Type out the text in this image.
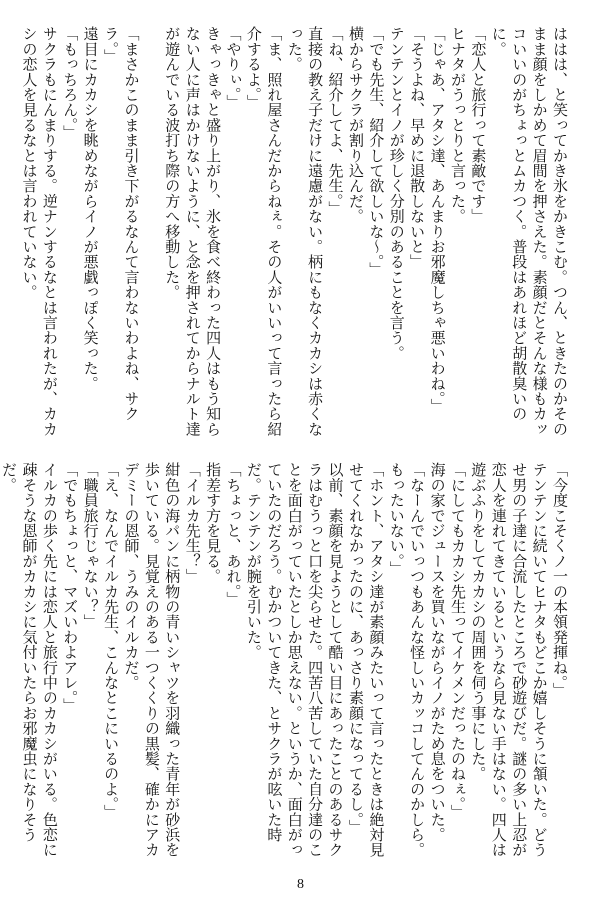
ははは、と笑ってかき氷をかきこむ。つん、ときたのかそのまま顔をしかめて眉間を押さえた。素顔だとそんな様もカッコいいのがちょっとムカつく。普段はあれほど胡散臭いのに。

「恋人と旅行って素敵です」

ヒナタがうっとりと言った。

「じゃあ、アタシ達、あんまりお邪魔しちゃ悪いわね。」

「そうよね、早めに退散しないと」

テンテンとイノが珍しく分別のあることを言う。

「でも先生、紹介して欲しいな〜。」

横からサクラが割り込んだ。

「ね、紹介してよ、先生。」

直接の教え子だけに遠慮がない。柄にもなくカカシは赤くなった。

「ま、照れ屋さんだからねぇ。その人がいいって言ったら紹介するよ。」

「やりぃ。」

きゃっきゃと盛り上がり、氷を食べ終わった四人はもう知らない人に声はかけないように、と念を押されてからナルト達が遊んでいる波打ち際の方へ移動した。

「まさかこのまま引き下がるなんて言わないわよね、サクラ。」

遠目にカカシを眺めながらイノが悪戯っぽく笑った。

「もっちろん。」

サクラもにんまりする。逆ナンするなとは言われたが、カカシの恋人を見るなとは言われていない。

「今度こそくノ一の本領発揮ね。」

テンテンに続いてヒナタもどこか嬉しそうに頷いた。どうせ男の子達に合流したところで砂遊びだ。謎の多い上忍が恋人を連れてきているというなら見ない手はない。四人は遊ぶふりをしてカカシの周囲を伺う事にした。

「にしてもカカシ先生ってイケメンだったのねぇ。」

海の家でジュースを買いながらイノがため息をついた。

「なーんでいっつもあんな怪しいカッコしてんのかしら。もったいない。」

「ホント、アタシ達が素顔みたいって言ったときは絶対見せてくれなかったのに、あっさり素顔になってるし。」

以前、素顔を見ようとして酷い目にあったことのあるサクラはむうっと口を尖らせた。四苦八苦していた自分達のことを面白がっていたとしか思えない。というか、面白がっていたのだろう。むかついてきた、とサクラが呟いた時だ。テンテンが腕を引いた。

「ちょっと、あれ。」

指差す方を見る。

「イルカ先生？」

紺色の海パンに柄物の青いシャツを羽織った青年が砂浜を歩いている。見覚えのある一つくくりの黒髪、確かにアカデミーの恩師、うみのイルカだ。

「え、なんでイルカ先生、こんなとこにいるのよ。」

「職員旅行じゃない？」

「でもちょっと、マズいわよアレ。」

イルカの歩く先には恋人と旅行中のカカシがいる。色恋に疎そうな恩師がカカシに気付いたらお邪魔虫になりそうだ。

8
